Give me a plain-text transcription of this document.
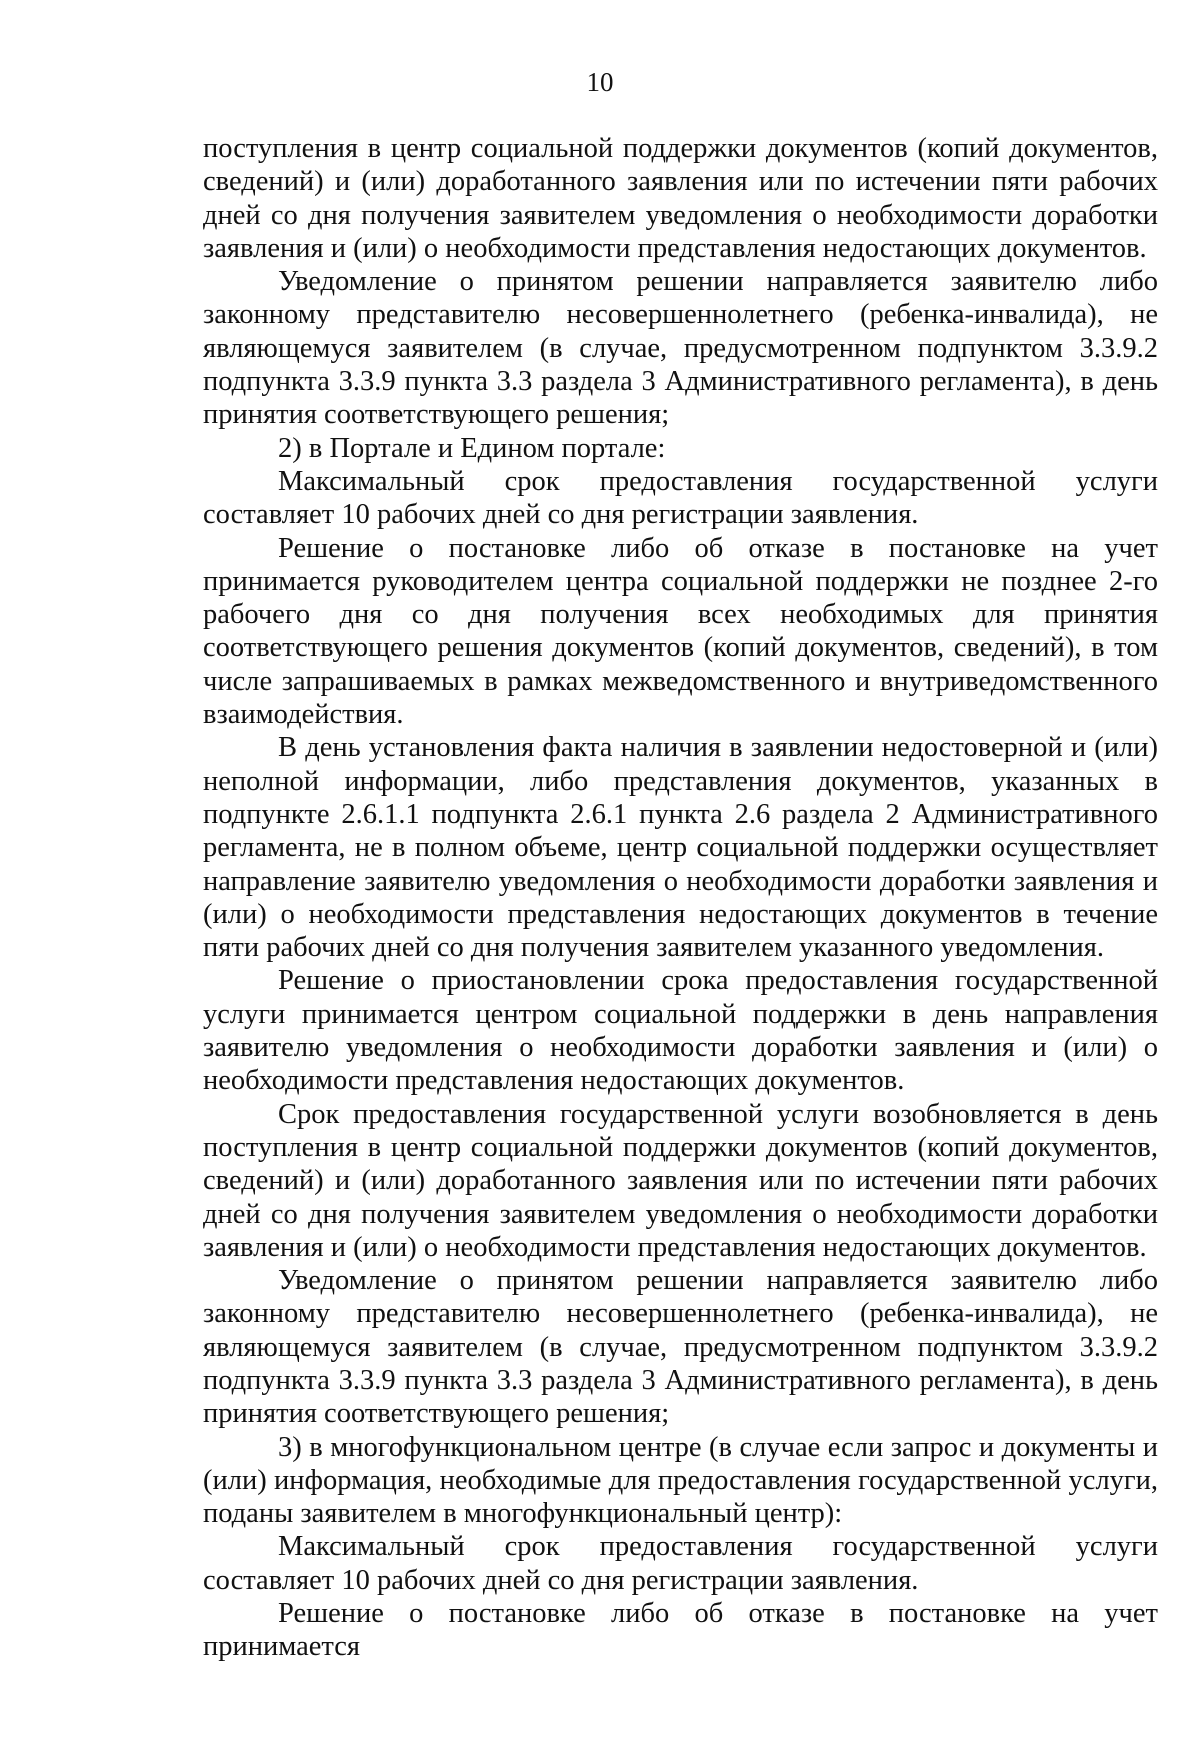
10

поступления в центр социальной поддержки документов (копий документов, сведений) и (или) доработанного заявления или по истечении пяти рабочих дней со дня получения заявителем уведомления о необходимости доработки заявления и (или) о необходимости представления недостающих документов.

Уведомление о принятом решении направляется заявителю либо законному представителю несовершеннолетнего (ребенка-инвалида), не являющемуся заявителем (в случае, предусмотренном подпунктом 3.3.9.2 подпункта 3.3.9 пункта 3.3 раздела 3 Административного регламента), в день принятия соответствующего решения;

2) в Портале и Едином портале:

Максимальный срок предоставления государственной услуги составляет 10 рабочих дней со дня регистрации заявления.

Решение о постановке либо об отказе в постановке на учет принимается руководителем центра социальной поддержки не позднее 2-го рабочего дня со дня получения всех необходимых для принятия соответствующего решения документов (копий документов, сведений), в том числе запрашиваемых в рамках межведомственного и внутриведомственного взаимодействия.

В день установления факта наличия в заявлении недостоверной и (или) неполной информации, либо представления документов, указанных в подпункте 2.6.1.1 подпункта 2.6.1 пункта 2.6 раздела 2 Административного регламента, не в полном объеме, центр социальной поддержки осуществляет направление заявителю уведомления о необходимости доработки заявления и (или) о необходимости представления недостающих документов в течение пяти рабочих дней со дня получения заявителем указанного уведомления.

Решение о приостановлении срока предоставления государственной услуги принимается центром социальной поддержки в день направления заявителю уведомления о необходимости доработки заявления и (или) о необходимости представления недостающих документов.

Срок предоставления государственной услуги возобновляется в день поступления в центр социальной поддержки документов (копий документов, сведений) и (или) доработанного заявления или по истечении пяти рабочих дней со дня получения заявителем уведомления о необходимости доработки заявления и (или) о необходимости представления недостающих документов.

Уведомление о принятом решении направляется заявителю либо законному представителю несовершеннолетнего (ребенка-инвалида), не являющемуся заявителем (в случае, предусмотренном подпунктом 3.3.9.2 подпункта 3.3.9 пункта 3.3 раздела 3 Административного регламента), в день принятия соответствующего решения;

3) в многофункциональном центре (в случае если запрос и документы и (или) информация, необходимые для предоставления государственной услуги, поданы заявителем в многофункциональный центр):

Максимальный срок предоставления государственной услуги составляет 10 рабочих дней со дня регистрации заявления.

Решение о постановке либо об отказе в постановке на учет принимается
